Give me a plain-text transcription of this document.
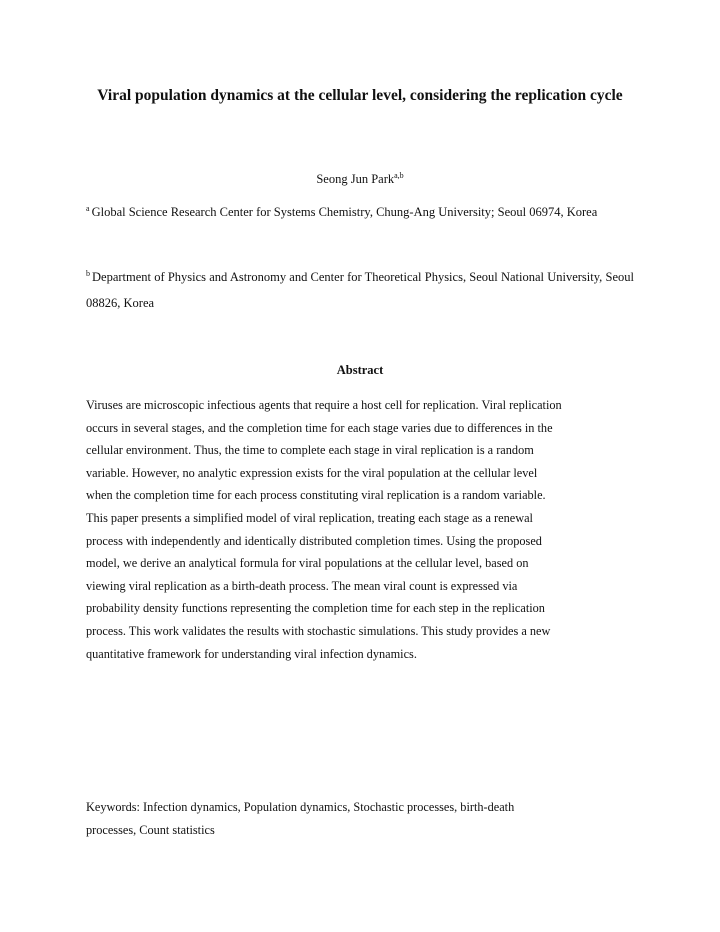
Viral population dynamics at the cellular level, considering the replication cycle

Seong Jun Park$^{a,b}$

$^a$ Global Science Research Center for Systems Chemistry, Chung-Ang University; Seoul 06974, Korea

$^b$ Department of Physics and Astronomy and Center for Theoretical Physics, Seoul National University, Seoul 08826, Korea

Abstract
Viruses are microscopic infectious agents that require a host cell for replication. Viral replication
occurs in several stages, and the completion time for each stage varies due to differences in the
cellular environment. Thus, the time to complete each stage in viral replication is a random
variable. However, no analytic expression exists for the viral population at the cellular level
when the completion time for each process constituting viral replication is a random variable.
This paper presents a simplified model of viral replication, treating each stage as a renewal
process with independently and identically distributed completion times. Using the proposed
model, we derive an analytical formula for viral populations at the cellular level, based on
viewing viral replication as a birth-death process. The mean viral count is expressed via
probability density functions representing the completion time for each step in the replication
process. This work validates the results with stochastic simulations. This study provides a new
quantitative framework for understanding viral infection dynamics.
Keywords: Infection dynamics, Population dynamics, Stochastic processes, birth-death
processes, Count statistics
